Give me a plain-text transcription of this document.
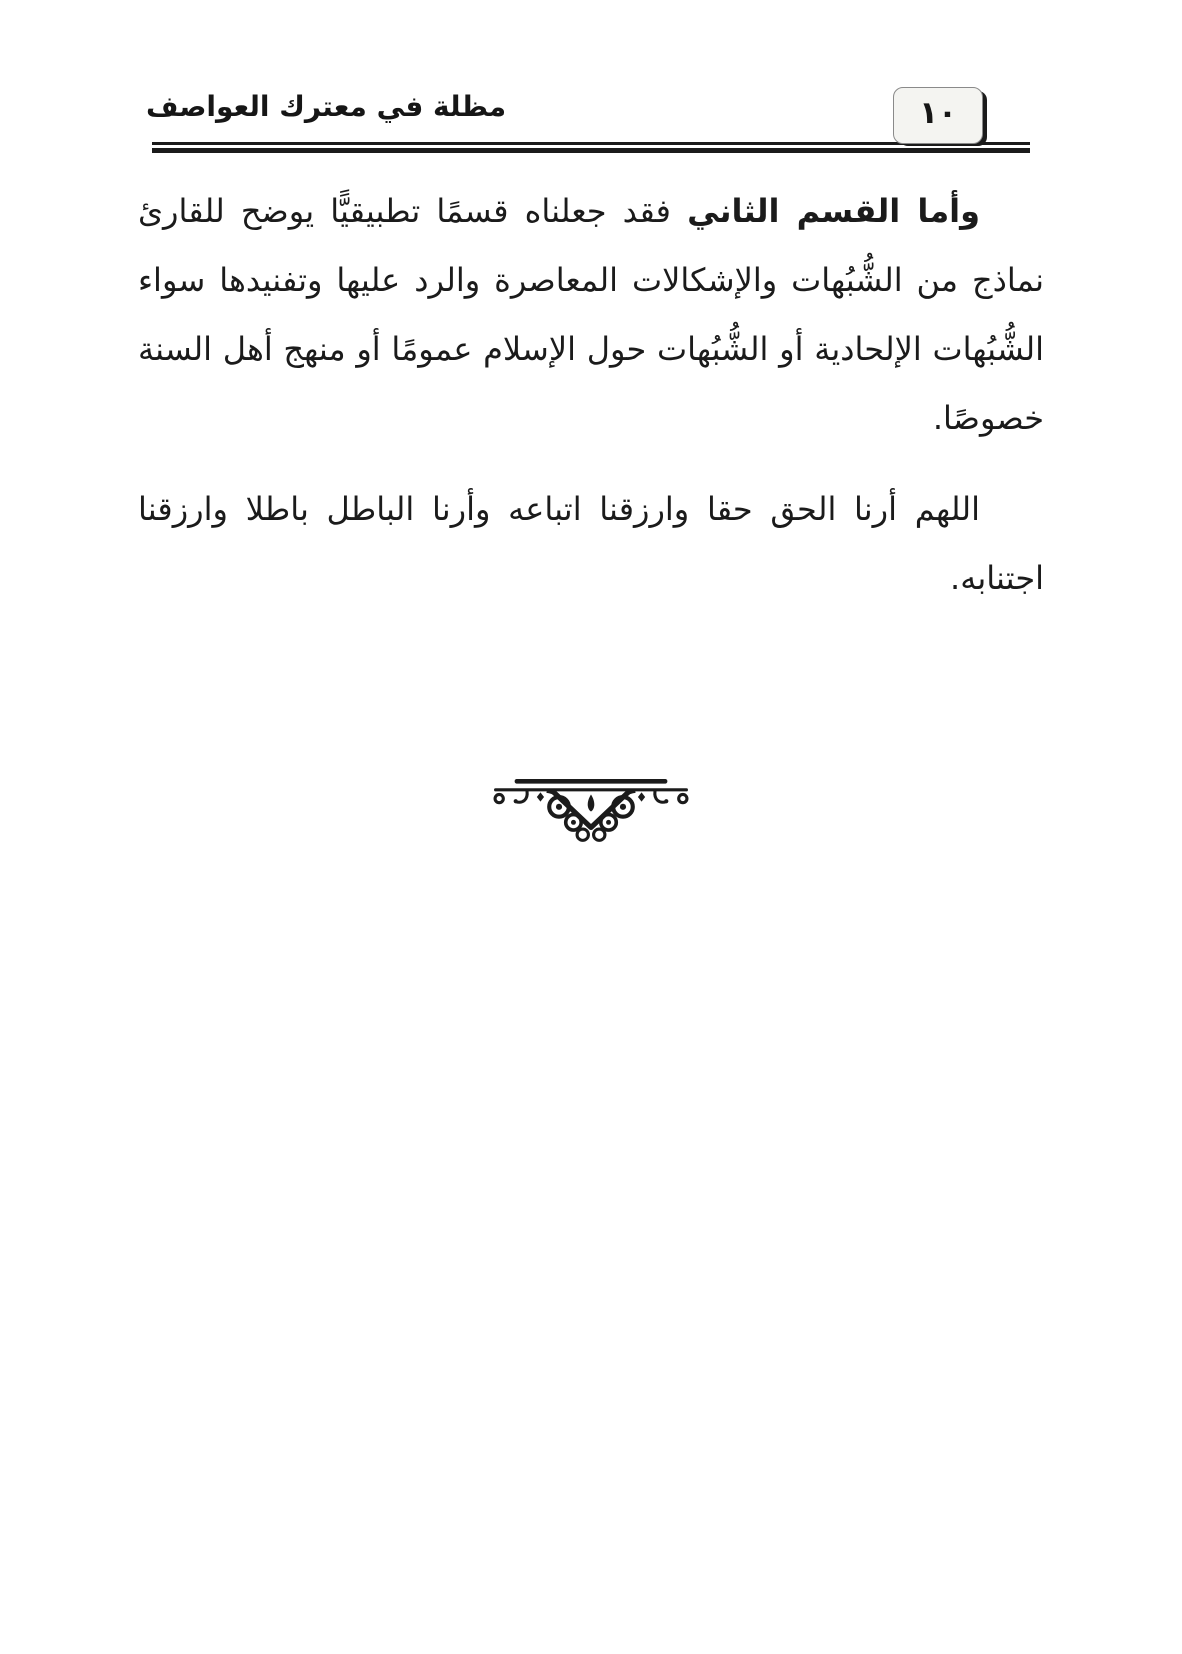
مظلة في معترك العواصف	١٠

وأما القسم الثاني فقد جعلناه قسمًا تطبيقيًّا يوضح للقارئ نماذج من الشُّبُهات والإشكالات المعاصرة والرد عليها وتفنيدها سواء الشُّبُهات الإلحادية أو الشُّبُهات حول الإسلام عمومًا أو منهج أهل السنة خصوصًا.

اللهم أرنا الحق حقا وارزقنا اتباعه وأرنا الباطل باطلا وارزقنا اجتنابه.
